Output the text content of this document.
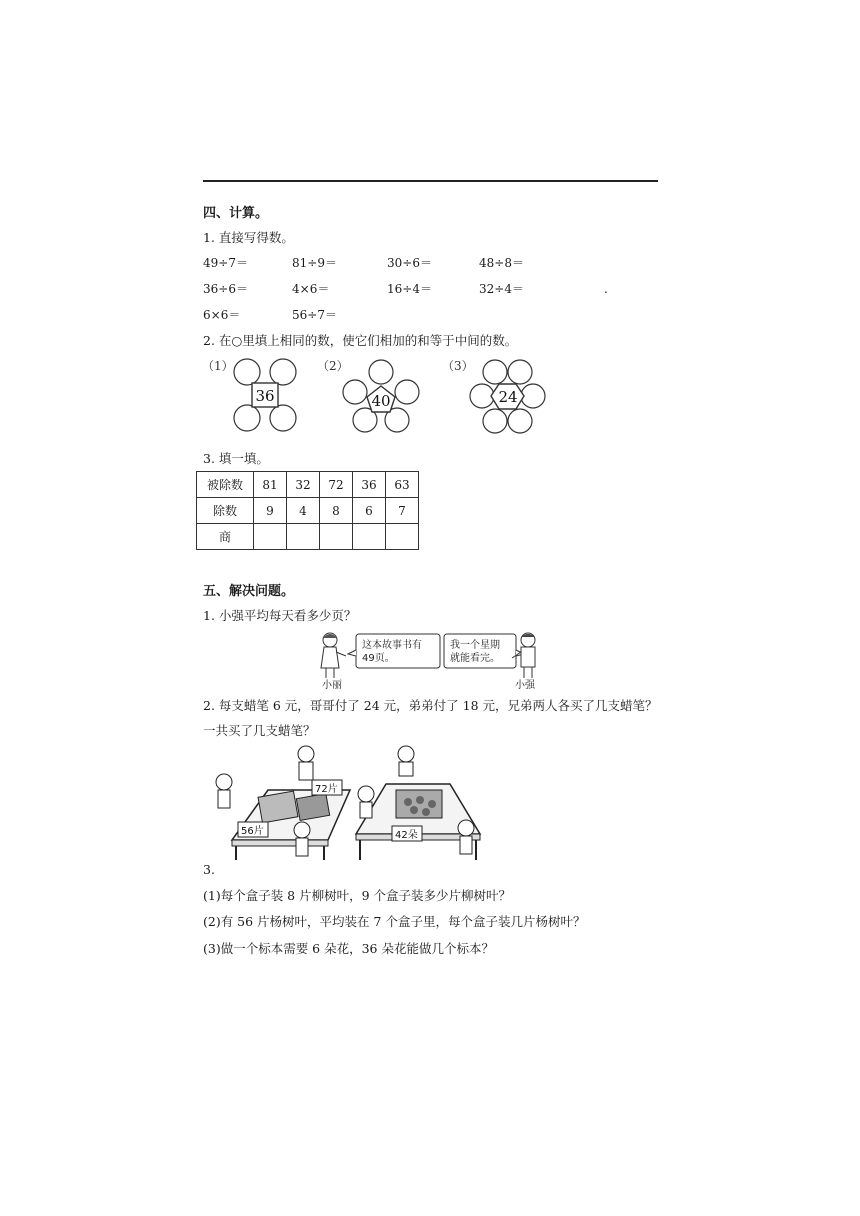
四、计算。
1. 直接写得数。
49÷7＝	81÷9＝	30÷6＝	48÷8＝
36÷6＝	4×6＝	16÷4＝	32÷4＝	.
6×6＝	56÷7＝
2. 在○里填上相同的数，使它们相加的和等于中间的数。
（1）
36
（2）
40
（3）
24
3. 填一填。
被除数	81	32	72	36	63
除数	9	4	8	6	7
商					
五、解决问题。
1. 小强平均每天看多少页？
小丽
这本故事书有
49页。
我一个星期
就能看完。
小强
2. 每支蜡笔 6 元，哥哥付了 24 元，弟弟付了 18 元，兄弟两人各买了几支蜡笔？
一共买了几支蜡笔？
72片
56片	42朵
3.
(1)每个盒子装 8 片柳树叶，9 个盒子装多少片柳树叶？
(2)有 56 片杨树叶，平均装在 7 个盒子里，每个盒子装几片杨树叶？
(3)做一个标本需要 6 朵花，36 朵花能做几个标本？
